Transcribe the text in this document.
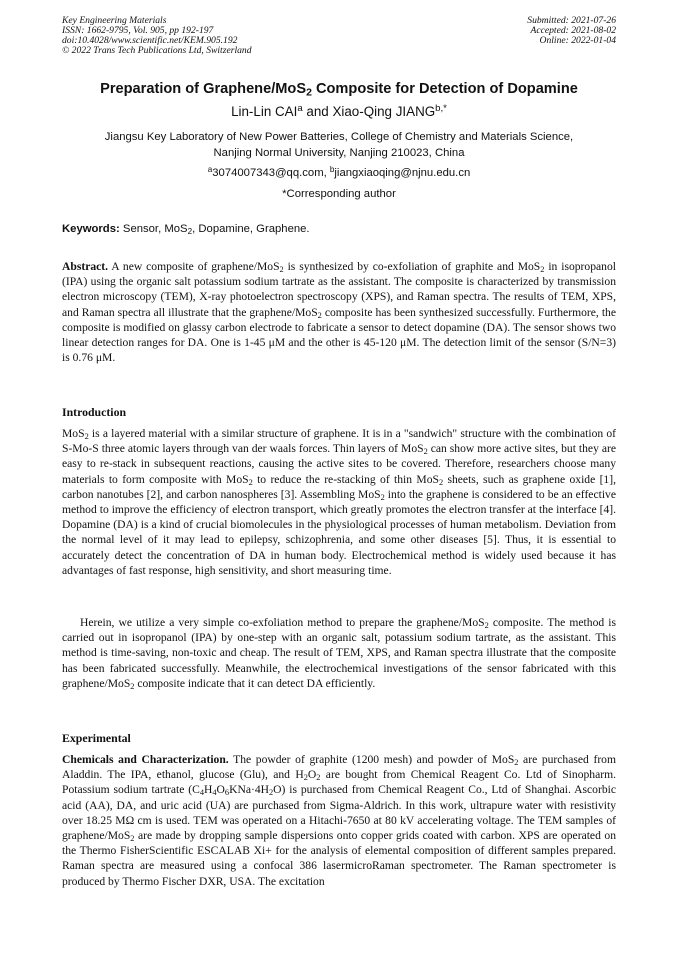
Key Engineering Materials
ISSN: 1662-9795, Vol. 905, pp 192-197
doi:10.4028/www.scientific.net/KEM.905.192
© 2022 Trans Tech Publications Ltd, Switzerland
Submitted: 2021-07-26
Accepted: 2021-08-02
Online: 2022-01-04
Preparation of Graphene/MoS$_2$ Composite for Detection of Dopamine
Lin-Lin CAI$^a$ and Xiao-Qing $JIANG^{b,*}$
Jiangsu Key Laboratory of New Power Batteries, College of Chemistry and Materials Science,
Nanjing Normal University, Nanjing 210023, China
$^a$3074007343@qq.com, $^b$jiangxiaoqing@njnu.edu.cn
*Corresponding author
Keywords: Sensor, MoS$_2$, Dopamine, Graphene.
Abstract. A new composite of graphene/MoS$_2$ is synthesized by co-exfoliation of graphite and MoS$_2$ in isopropanol (IPA) using the organic salt potassium sodium tartrate as the assistant. The composite is characterized by transmission electron microscopy (TEM), X-ray photoelectron spectroscopy (XPS), and Raman spectra. The results of TEM, XPS, and Raman spectra all illustrate that the graphene/MoS$_2$ composite has been synthesized successfully. Furthermore, the composite is modified on glassy carbon electrode to fabricate a sensor to detect dopamine (DA). The sensor shows two linear detection ranges for DA. One is 1-45 μM and the other is 45-120 μM. The detection limit of the sensor (S/N=3) is 0.76 μM.
Introduction
MoS$_2$ is a layered material with a similar structure of graphene. It is in a "sandwich" structure with the combination of S-Mo-S three atomic layers through van der waals forces. Thin layers of MoS$_2$ can show more active sites, but they are easy to re-stack in subsequent reactions, causing the active sites to be covered. Therefore, researchers choose many materials to form composite with MoS$_2$ to reduce the re-stacking of thin MoS$_2$ sheets, such as graphene oxide [1], carbon nanotubes [2], and carbon nanospheres [3]. Assembling MoS$_2$ into the graphene is considered to be an effective method to improve the efficiency of electron transport, which greatly promotes the electron transfer at the interface [4]. Dopamine (DA) is a kind of crucial biomolecules in the physiological processes of human metabolism. Deviation from the normal level of it may lead to epilepsy, schizophrenia, and some other diseases [5]. Thus, it is essential to accurately detect the concentration of DA in human body. Electrochemical method is widely used because it has advantages of fast response, high sensitivity, and short measuring time.
Herein, we utilize a very simple co-exfoliation method to prepare the graphene/MoS$_2$ composite. The method is carried out in isopropanol (IPA) by one-step with an organic salt, potassium sodium tartrate, as the assistant. This method is time-saving, non-toxic and cheap. The result of TEM, XPS, and Raman spectra illustrate that the composite has been fabricated successfully. Meanwhile, the electrochemical investigations of the sensor fabricated with this graphene/MoS$_2$ composite indicate that it can detect DA efficiently.
Experimental
Chemicals and Characterization. The powder of graphite (1200 mesh) and powder of MoS$_2$ are purchased from Aladdin. The IPA, ethanol, glucose (Glu), and $H_2O_2$ are bought from Chemical Reagent Co. Ltd of Sinopharm. Potassium sodium tartrate $(C_4H_4O_6KNa\cdot 4H_2O)$ is purchased from Chemical Reagent Co., Ltd of Shanghai. Ascorbic acid (AA), DA, and uric acid (UA) are purchased from Sigma-Aldrich. In this work, ultrapure water with resistivity over 18.25 MΩ cm is used. TEM was operated on a Hitachi-7650 at 80 kV accelerating voltage. The TEM samples of graphene/MoS$_2$ are made by dropping sample dispersions onto copper grids coated with carbon. XPS are operated on the Thermo FisherScientific ESCALAB Xi+ for the analysis of elemental composition of different samples prepared. Raman spectra are measured using a confocal 386 lasermicroRaman spectrometer. The Raman spectrometer is produced by Thermo Fischer DXR, USA. The excitation
